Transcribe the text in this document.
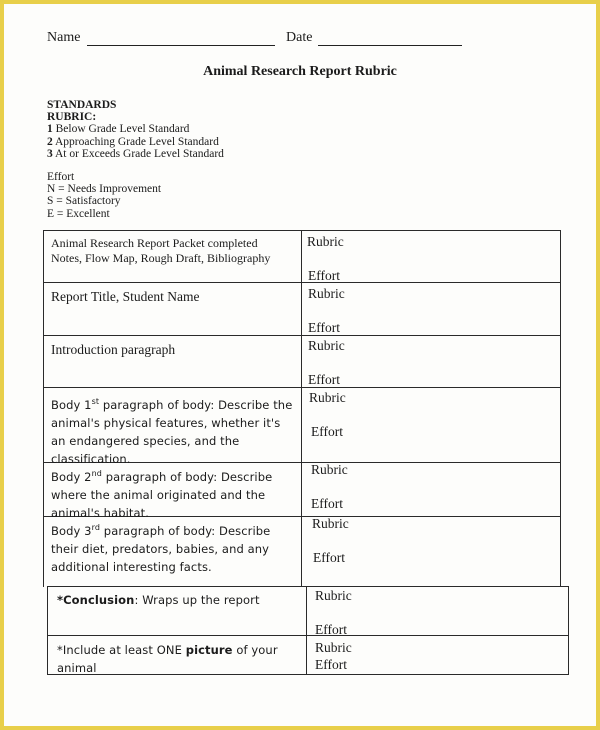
Name	Date
Animal Research Report Rubric
STANDARDS
RUBRIC:
1 Below Grade Level Standard
2 Approaching Grade Level Standard
3 At or Exceeds Grade Level Standard
Effort
N = Needs Improvement
S = Satisfactory
E = Excellent
Animal Research Report Packet completed
Notes, Flow Map, Rough Draft, Bibliography
Rubric
Effort
Report Title, Student Name	Rubric
Effort
Introduction paragraph	Rubric
Effort
Body 1st paragraph of body: Describe the animal's physical features, whether it's an endangered species, and the classification.
Rubric
Effort
Body 2nd paragraph of body: Describe where the animal originated and the animal's habitat.
Rubric
Effort
Body 3rd paragraph of body: Describe their diet, predators, babies, and any additional interesting facts.
Rubric
Effort
*Conclusion: Wraps up the report	Rubric
Effort
*Include at least ONE picture of your animal
Rubric
Effort
